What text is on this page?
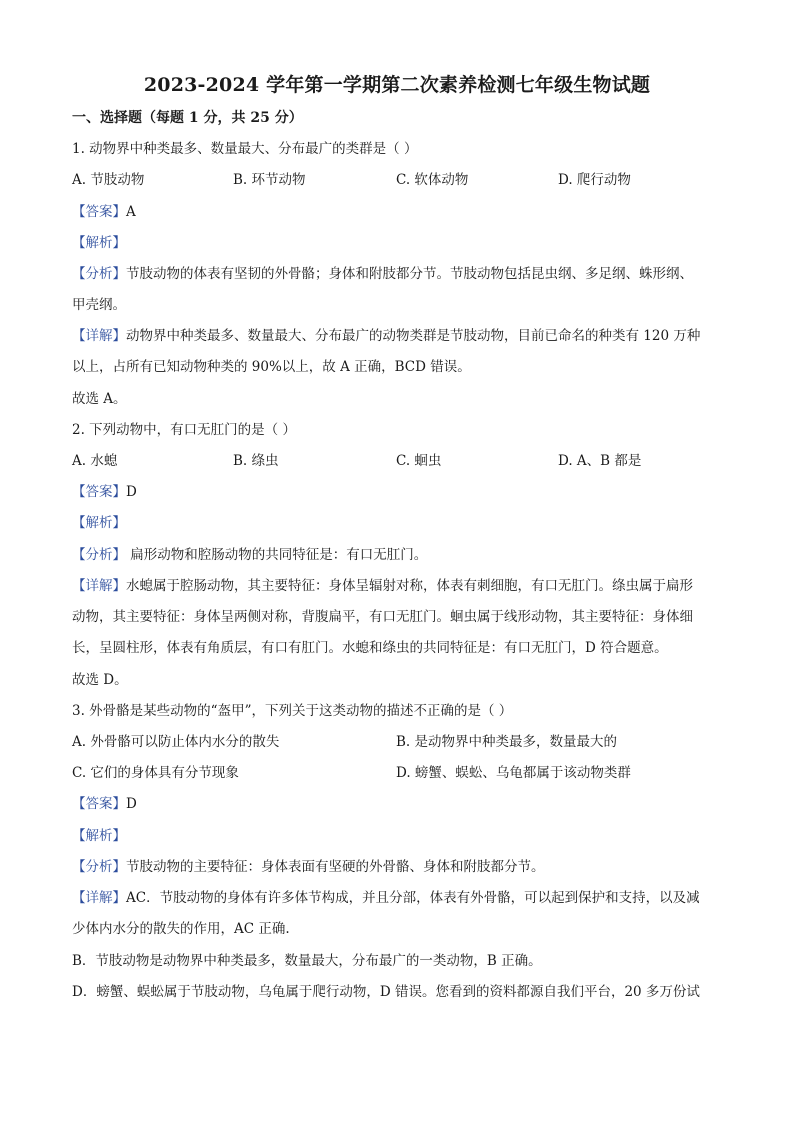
2023-2024 学年第一学期第二次素养检测七年级生物试题
一、选择题（每题 1 分，共 25 分）
1. 动物界中种类最多、数量最大、分布最广的类群是（ ）
A. 节肢动物	B. 环节动物	C. 软体动物	D. 爬行动物
【答案】A
【解析】
【分析】节肢动物的体表有坚韧的外骨骼；身体和附肢都分节。节肢动物包括昆虫纲、多足纲、蛛形纲、
甲壳纲。
【详解】动物界中种类最多、数量最大、分布最广的动物类群是节肢动物，目前已命名的种类有 120 万种
以上，占所有已知动物种类的 90%以上，故 A 正确，BCD 错误。
故选 A。
2. 下列动物中，有口无肛门的是（ ）
A. 水螅	B. 绦虫	C. 蛔虫	D. A、B 都是
【答案】D
【解析】
【分析】 扁形动物和腔肠动物的共同特征是：有口无肛门。
【详解】水螅属于腔肠动物，其主要特征：身体呈辐射对称，体表有刺细胞，有口无肛门。绦虫属于扁形
动物，其主要特征：身体呈两侧对称，背腹扁平，有口无肛门。蛔虫属于线形动物，其主要特征：身体细
长，呈圆柱形，体表有角质层，有口有肛门。水螅和绦虫的共同特征是：有口无肛门，D 符合题意。
故选 D。
3. 外骨骼是某些动物的“盔甲”，下列关于这类动物的描述不正确的是（ ）
A. 外骨骼可以防止体内水分的散失	B. 是动物界中种类最多，数量最大的
C. 它们的身体具有分节现象	D. 螃蟹、蜈蚣、乌龟都属于该动物类群
【答案】D
【解析】
【分析】节肢动物的主要特征：身体表面有坚硬的外骨骼、身体和附肢都分节。
【详解】AC．节肢动物的身体有许多体节构成，并且分部，体表有外骨骼，可以起到保护和支持，以及减
少体内水分的散失的作用，AC 正确.
B．节肢动物是动物界中种类最多，数量最大，分布最广的一类动物，B 正确。
D．螃蟹、蜈蚣属于节肢动物，乌龟属于爬行动物，D 错误。您看到的资料都源自我们平台，20 多万份试
